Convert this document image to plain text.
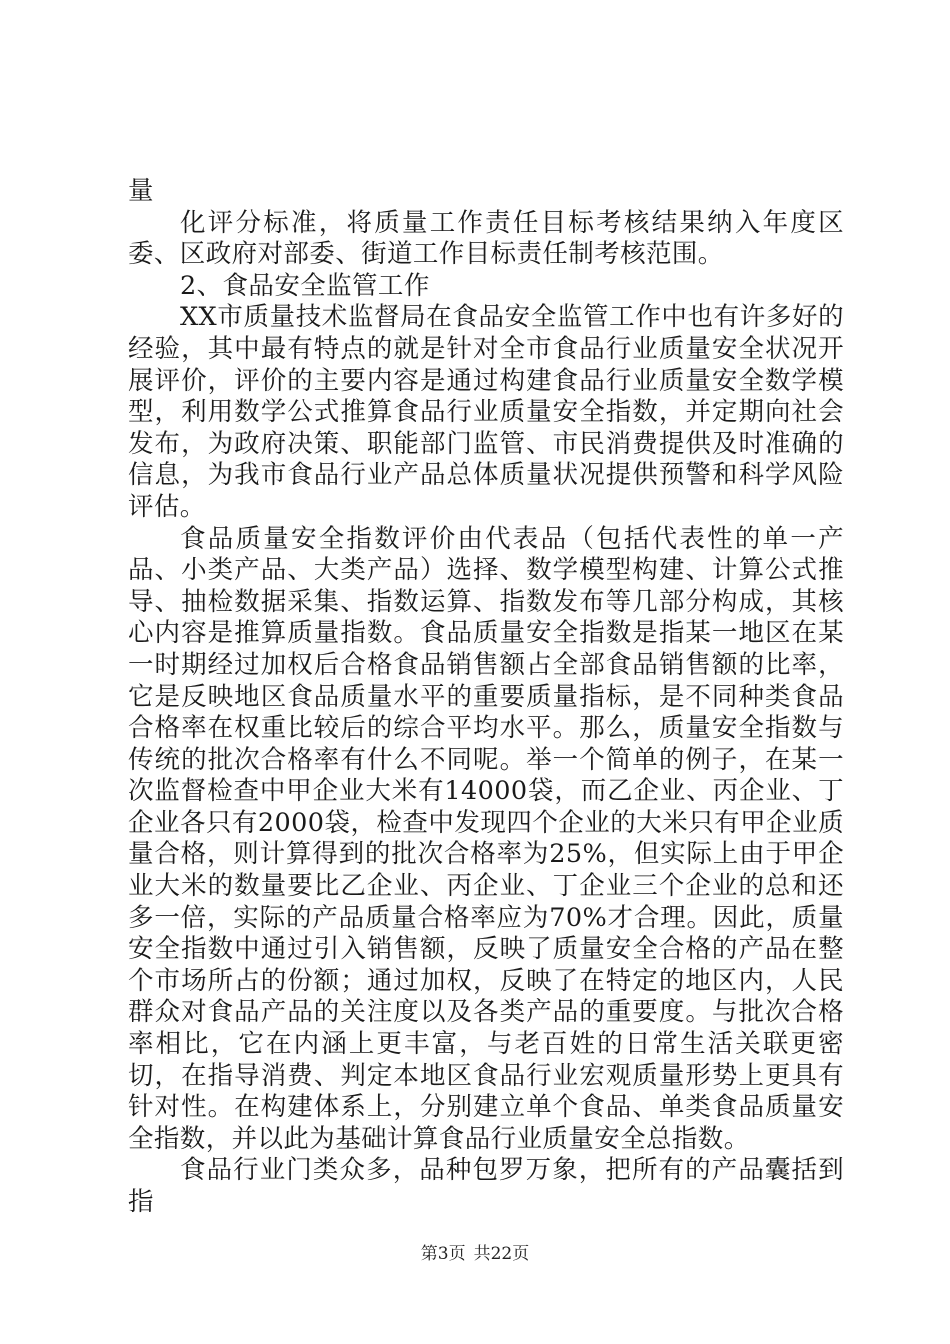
量

化评分标准，将质量工作责任目标考核结果纳入年度区委、区政府对部委、街道工作目标责任制考核范围。

2、食品安全监管工作

XX市质量技术监督局在食品安全监管工作中也有许多好的经验，其中最有特点的就是针对全市食品行业质量安全状况开展评价，评价的主要内容是通过构建食品行业质量安全数学模型，利用数学公式推算食品行业质量安全指数，并定期向社会发布，为政府决策、职能部门监管、市民消费提供及时准确的信息，为我市食品行业产品总体质量状况提供预警和科学风险评估。

食品质量安全指数评价由代表品（包括代表性的单一产品、小类产品、大类产品）选择、数学模型构建、计算公式推导、抽检数据采集、指数运算、指数发布等几部分构成，其核心内容是推算质量指数。食品质量安全指数是指某一地区在某一时期经过加权后合格食品销售额占全部食品销售额的比率，它是反映地区食品质量水平的重要质量指标，是不同种类食品合格率在权重比较后的综合平均水平。那么，质量安全指数与传统的批次合格率有什么不同呢。举一个简单的例子，在某一次监督检查中甲企业大米有14000袋，而乙企业、丙企业、丁企业各只有2000袋，检查中发现四个企业的大米只有甲企业质量合格，则计算得到的批次合格率为25%，但实际上由于甲企业大米的数量要比乙企业、丙企业、丁企业三个企业的总和还多一倍，实际的产品质量合格率应为70%才合理。因此，质量安全指数中通过引入销售额，反映了质量安全合格的产品在整个市场所占的份额；通过加权，反映了在特定的地区内，人民群众对食品产品的关注度以及各类产品的重要度。与批次合格率相比，它在内涵上更丰富，与老百姓的日常生活关联更密切，在指导消费、判定本地区食品行业宏观质量形势上更具有针对性。在构建体系上，分别建立单个食品、单类食品质量安全指数，并以此为基础计算食品行业质量安全总指数。

食品行业门类众多，品种包罗万象，把所有的产品囊括到指

第3页 共22页
